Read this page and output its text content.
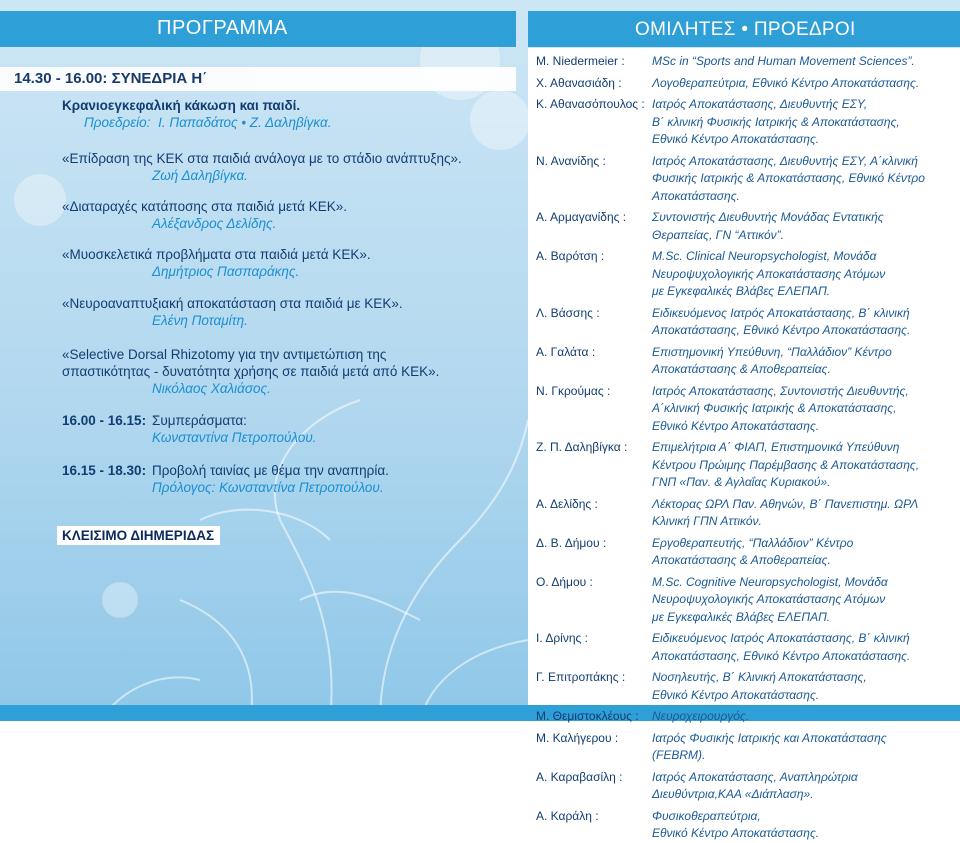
ΠΡΟΓΡΑΜΜΑ	ΟΜΙΛΗΤΕΣ • ΠΡΟΕΔΡΟΙ
14.30 - 16.00: ΣΥΝΕΔΡΙΑ Η΄
Κρανιοεγκεφαλική κάκωση και παιδί.
Προεδρείο: Ι. Παπαδάτος • Ζ. Δαληβίγκα.
«Επίδραση της ΚΕΚ στα παιδιά ανάλογα με το στάδιο ανάπτυξης».
Ζωή Δαληβίγκα.
«Διαταραχές κατάποσης στα παιδιά μετά ΚΕΚ».
Αλέξανδρος Δελίδης.
«Μυοσκελετικά προβλήματα στα παιδιά μετά ΚΕΚ».
Δημήτριος Πασπαράκης.
«Νευροαναπτυξιακή αποκατάσταση στα παιδιά με ΚΕΚ».
Ελένη Ποταμίτη.
«Selective Dorsal Rhizotomy για την αντιμετώπιση της
σπαστικότητας - δυνατότητα χρήσης σε παιδιά μετά από ΚΕΚ».
Νικόλαος Χαλιάσος.
16.00 - 16.15: Συμπεράσματα:
Κωνσταντίνα Πετροπούλου.
16.15 - 18.30: Προβολή ταινίας με θέμα την αναπηρία.
Πρόλογος: Κωνσταντίνα Πετροπούλου.
ΚΛΕΙΣΙΜΟ ΔΙΗΜΕΡΙΔΑΣ
M. Niedermeier : MSc in “Sports and Human Movement Sciences”.
Χ. Αθανασιάδη :	Λογοθεραπεύτρια, Εθνικό Κέντρο Αποκατάστασης.
Κ. Αθανασόπουλος : Ιατρός Αποκατάστασης, Διευθυντής ΕΣΥ,
Β΄ κλινική Φυσικής Ιατρικής & Αποκατάστασης,
Εθνικό Κέντρο Αποκατάστασης.
Ν. Ανανίδης :	Ιατρός Αποκατάστασης, Διευθυντής ΕΣΥ, Α΄κλινική
Φυσικής Ιατρικής & Αποκατάστασης, Εθνικό Κέντρο
Αποκατάστασης.
Α. Αρμαγανίδης : Συντονιστής Διευθυντής Μονάδας Εντατικής
Θεραπείας, ΓΝ “Αττικόν”.
Α. Βαρότση :	M.Sc. Clinical Neuropsychologist, Μονάδα
Νευροψυχολογικής Αποκατάστασης Ατόμων
με Εγκεφαλικές Βλάβες ΕΛΕΠΑΠ.
Λ. Βάσσης :	Ειδικευόμενος Ιατρός Αποκατάστασης, Β΄ κλινική
Αποκατάστασης, Εθνικό Κέντρο Αποκατάστασης.
Α. Γαλάτα :	Επιστημονική Υπεύθυνη, “Παλλάδιον” Κέντρο
Αποκατάστασης & Αποθεραπείας.
Ν. Γκρούμας :	Ιατρός Αποκατάστασης, Συντονιστής Διευθυντής,
Α΄κλινική Φυσικής Ιατρικής & Αποκατάστασης,
Εθνικό Κέντρο Αποκατάστασης.
Ζ. Π. Δαληβίγκα : Επιμελήτρια Α΄ ΦΙΑΠ, Επιστημονικά Υπεύθυνη
Κέντρου Πρώιμης Παρέμβασης & Αποκατάστασης,
ΓΝΠ «Παν. & Αγλαΐας Κυριακού».
Α. Δελίδης :	Λέκτορας ΩΡΛ Παν. Αθηνών, Β΄ Πανεπιστημ. ΩΡΛ
Κλινική ΓΠΝ Αττικόν.
Δ. Β. Δήμου :	Εργοθεραπευτής, “Παλλάδιον” Κέντρο
Αποκατάστασης & Αποθεραπείας.
Ο. Δήμου :	M.Sc. Cognitive Neuropsychologist, Μονάδα
Νευροψυχολογικής Αποκατάστασης Ατόμων
με Εγκεφαλικές Βλάβες ΕΛΕΠΑΠ.
Ι. Δρίνης :	Ειδικευόμενος Ιατρός Αποκατάστασης, Β΄ κλινική
Αποκατάστασης, Εθνικό Κέντρο Αποκατάστασης.
Γ. Επιτροπάκης : Νοσηλευτής, Β΄ Κλινική Αποκατάστασης,
Εθνικό Κέντρο Αποκατάστασης.
Μ. Θεμιστοκλέους : Νευροχειρουργός.
Μ. Καλήγερου :	Ιατρός Φυσικής Ιατρικής και Αποκατάστασης
(FEBRM).
Α. Καραβασίλη : Ιατρός Αποκατάστασης, Αναπληρώτρια
Διευθύντρια,ΚΑΑ «Διάπλαση».
Α. Καράλη :	Φυσικοθεραπεύτρια,
Εθνικό Κέντρο Αποκατάστασης.
